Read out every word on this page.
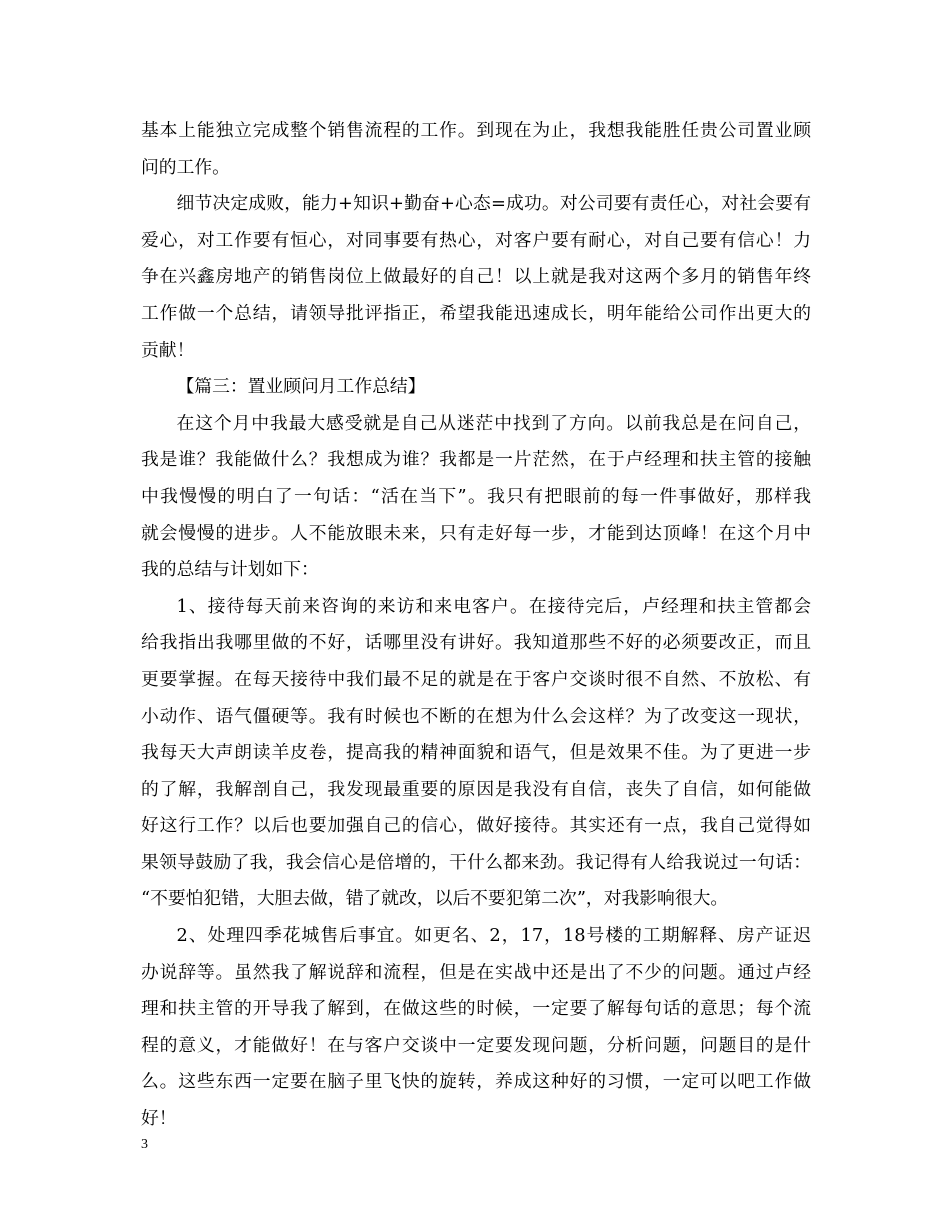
基本上能独立完成整个销售流程的工作。到现在为止，我想我能胜任贵公司置业顾
问的工作。
细节决定成败，能力+知识+勤奋+心态=成功。对公司要有责任心，对社会要有
爱心，对工作要有恒心，对同事要有热心，对客户要有耐心，对自己要有信心！力
争在兴鑫房地产的销售岗位上做最好的自己！以上就是我对这两个多月的销售年终
工作做一个总结，请领导批评指正，希望我能迅速成长，明年能给公司作出更大的
贡献！
【篇三：置业顾问月工作总结】
在这个月中我最大感受就是自己从迷茫中找到了方向。以前我总是在问自己，
我是谁？我能做什么？我想成为谁？我都是一片茫然，在于卢经理和扶主管的接触
中我慢慢的明白了一句话：“活在当下”。我只有把眼前的每一件事做好，那样我
就会慢慢的进步。人不能放眼未来，只有走好每一步，才能到达顶峰！在这个月中
我的总结与计划如下：
1、接待每天前来咨询的来访和来电客户。在接待完后，卢经理和扶主管都会
给我指出我哪里做的不好，话哪里没有讲好。我知道那些不好的必须要改正，而且
更要掌握。在每天接待中我们最不足的就是在于客户交谈时很不自然、不放松、有
小动作、语气僵硬等。我有时候也不断的在想为什么会这样？为了改变这一现状，
我每天大声朗读羊皮卷，提高我的精神面貌和语气，但是效果不佳。为了更进一步
的了解，我解剖自己，我发现最重要的原因是我没有自信，丧失了自信，如何能做
好这行工作？以后也要加强自己的信心，做好接待。其实还有一点，我自己觉得如
果领导鼓励了我，我会信心是倍增的，干什么都来劲。我记得有人给我说过一句话：
“不要怕犯错，大胆去做，错了就改，以后不要犯第二次”，对我影响很大。
2、处理四季花城售后事宜。如更名、2，17，18号楼的工期解释、房产证迟
办说辞等。虽然我了解说辞和流程，但是在实战中还是出了不少的问题。通过卢经
理和扶主管的开导我了解到，在做这些的时候，一定要了解每句话的意思；每个流
程的意义，才能做好！在与客户交谈中一定要发现问题，分析问题，问题目的是什
么。这些东西一定要在脑子里飞快的旋转，养成这种好的习惯，一定可以吧工作做
好！
3
